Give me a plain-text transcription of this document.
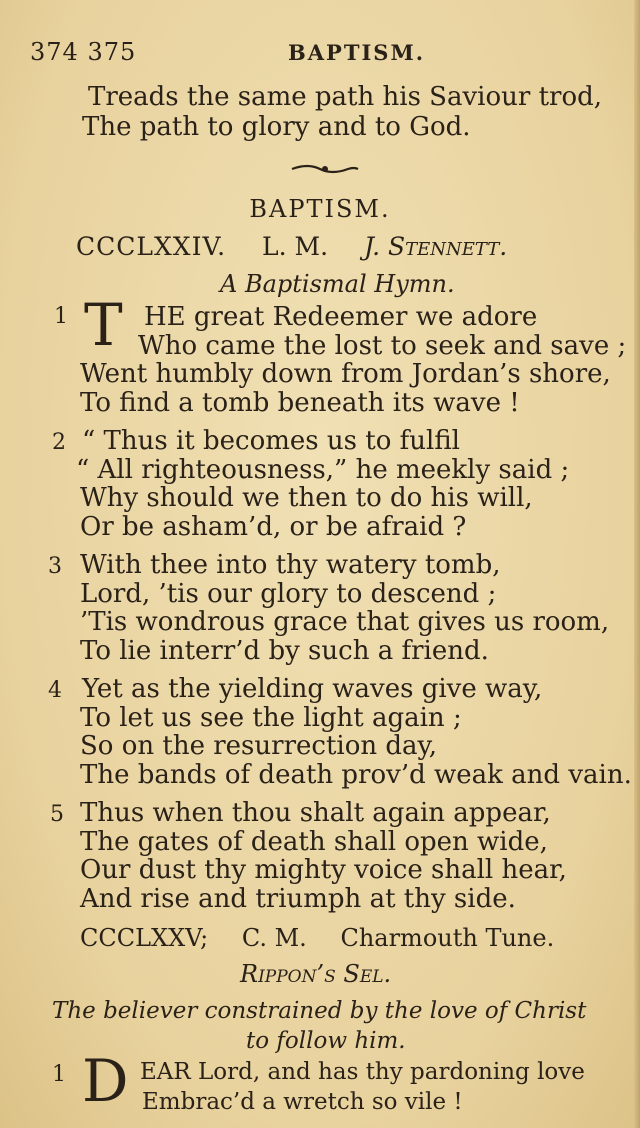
374 375	BAPTISM.
Treads the same path his Saviour trod,
The path to glory and to God.
BAPTISM.
CCCLXXIV. L. M. J. Stennett.
A Baptismal Hymn.
1 T HE great Redeemer we adore
Who came the lost to seek and save ;
Went humbly down from Jordan’s shore,
To find a tomb beneath its wave !
2 “ Thus it becomes us to fulfil
“ All righteousness,” he meekly said ;
Why should we then to do his will,
Or be asham’d, or be afraid ?
3 With thee into thy watery tomb,
Lord, ’tis our glory to descend ;
’Tis wondrous grace that gives us room,
To lie interr’d by such a friend.
4 Yet as the yielding waves give way,
To let us see the light again ;
So on the resurrection day,
The bands of death prov’d weak and vain.
5 Thus when thou shalt again appear,
The gates of death shall open wide,
Our dust thy mighty voice shall hear,
And rise and triumph at thy side.
CCCLXXV; C. M. Charmouth Tune.
Rippon’s Sel.
The believer constrained by the love of Christ
to follow him.
1 D EAR Lord, and has thy pardoning love
Embrac’d a wretch so vile !
